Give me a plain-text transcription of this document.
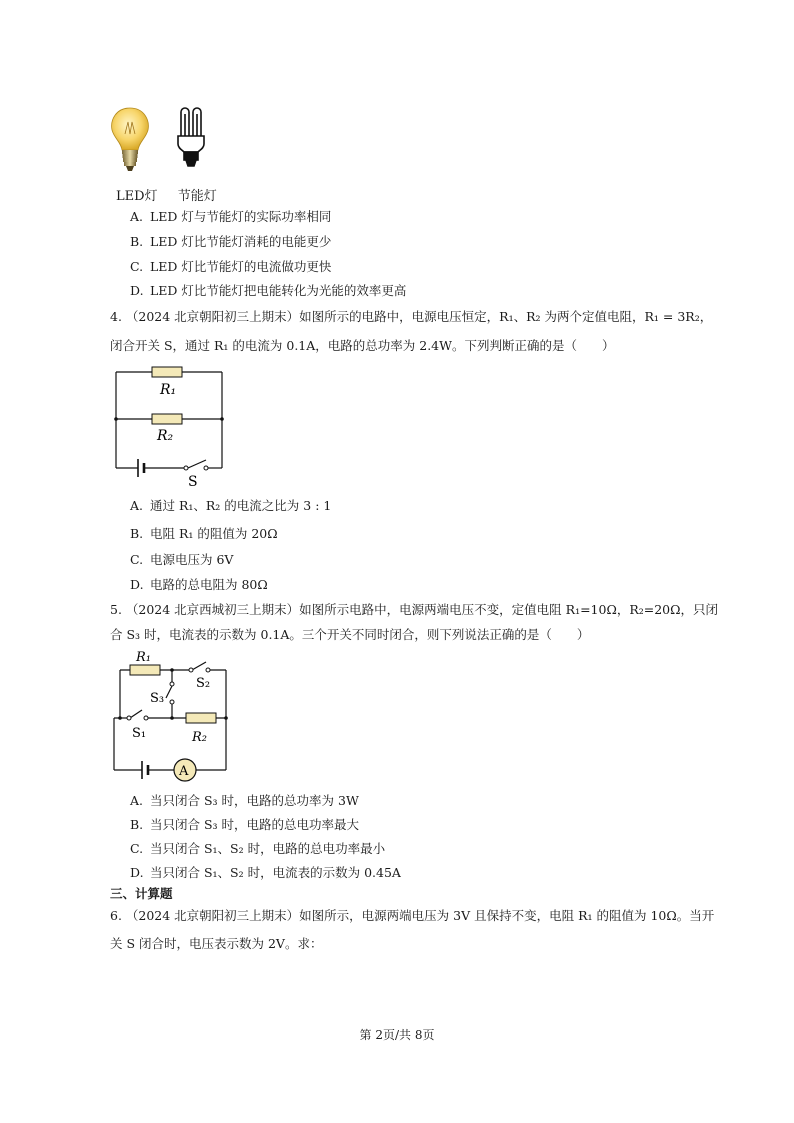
LED灯 节能灯
A. LED 灯与节能灯的实际功率相同
B. LED 灯比节能灯消耗的电能更少
C. LED 灯比节能灯的电流做功更快
D. LED 灯比节能灯把电能转化为光能的效率更高
4. （2024 北京朝阳初三上期末）如图所示的电路中，电源电压恒定，R₁、R₂ 为两个定值电阻，R₁ = 3R₂，
闭合开关 S，通过 R₁ 的电流为 0.1A，电路的总功率为 2.4W。下列判断正确的是（　　）
R₁
R₂
S
A. 通过 R₁、R₂ 的电流之比为 3 : 1
B. 电阻 R₁ 的阻值为 20Ω
C. 电源电压为 6V
D. 电路的总电阻为 80Ω
5. （2024 北京西城初三上期末）如图所示电路中，电源两端电压不变，定值电阻 R₁=10Ω，R₂=20Ω，只闭
合 S₃ 时，电流表的示数为 0.1A。三个开关不同时闭合，则下列说法正确的是（　　）
A
R₁
S₂
S₃
S₁	R₂
A. 当只闭合 S₃ 时，电路的总功率为 3W
B. 当只闭合 S₃ 时，电路的总电功率最大
C. 当只闭合 S₁、S₂ 时，电路的总电功率最小
D. 当只闭合 S₁、S₂ 时，电流表的示数为 0.45A
三、计算题
6. （2024 北京朝阳初三上期末）如图所示，电源两端电压为 3V 且保持不变，电阻 R₁ 的阻值为 10Ω。当开
关 S 闭合时，电压表示数为 2V。求：
第 2页/共 8页
